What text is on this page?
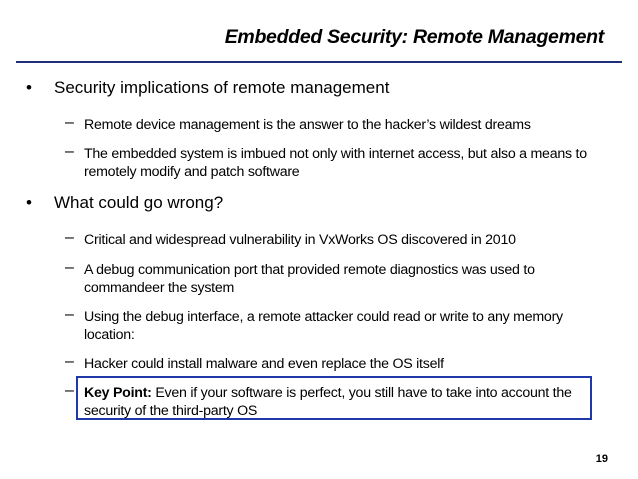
Embedded Security: Remote Management
• Security implications of remote management
– Remote device management is the answer to the hacker’s wildest dreams
– The embedded system is imbued not only with internet access, but also a means to remotely modify and patch software
• What could go wrong?
– Critical and widespread vulnerability in VxWorks OS discovered in 2010
– A debug communication port that provided remote diagnostics was used to commandeer the system
– Using the debug interface, a remote attacker could read or write to any memory location:
– Hacker could install malware and even replace the OS itself
– Key Point: Even if your software is perfect, you still have to take into account the security of the third-party OS
19
